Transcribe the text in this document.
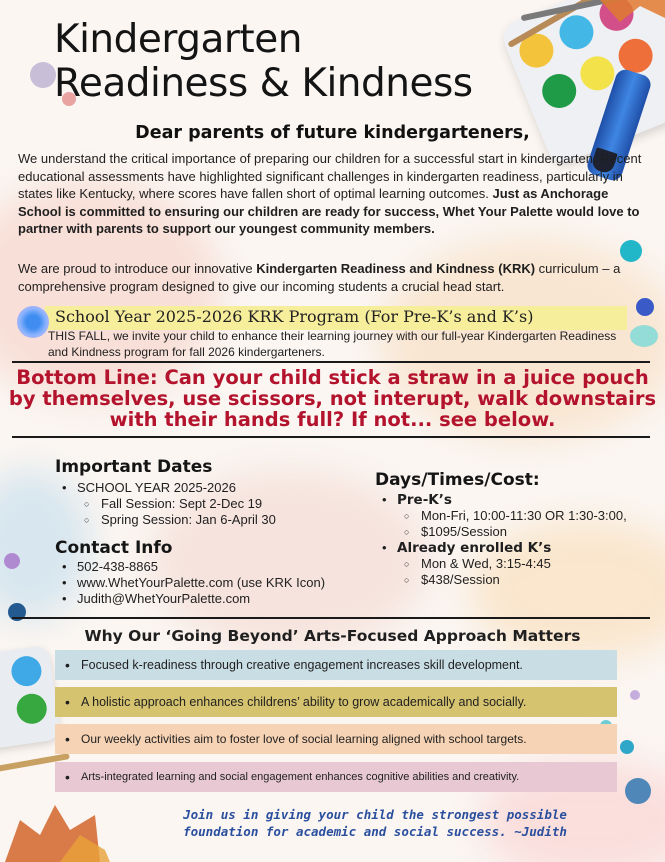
Kindergarten
Readiness & Kindness
Dear parents of future kindergarteners,

We understand the critical importance of preparing our children for a successful start in kindergarten. Recent educational assessments have highlighted significant challenges in kindergarten readiness, particularly in states like Kentucky, where scores have fallen short of optimal learning outcomes. Just as Anchorage School is committed to ensuring our children are ready for success, Whet Your Palette would love to partner with parents to support our youngest community members.

We are proud to introduce our innovative Kindergarten Readiness and Kindness (KRK) curriculum – a comprehensive program designed to give our incoming students a crucial head start.

School Year 2025-2026 KRK Program (For Pre-K’s and K’s)

THIS FALL, we invite your child to enhance their learning journey with our full-year Kindergarten Readiness and Kindness program for fall 2026 kindergarteners.

Bottom Line: Can your child stick a straw in a juice pouch by themselves, use scissors, not interupt, walk downstairs with their hands full? If not... see below.
Important Dates
• SCHOOL YEAR 2025-2026
○ Fall Session: Sept 2-Dec 19
○ Spring Session: Jan 6-April 30
Contact Info
• 502-438-8865
• www.WhetYourPalette.com (use KRK Icon)
• Judith@WhetYourPalette.com
Days/Times/Cost:
• Pre-K’s
○ Mon-Fri, 10:00-11:30 OR 1:30-3:00,
○ $1095/Session
• Already enrolled K’s
○ Mon & Wed, 3:15-4:45
○ $438/Session
Why Our ‘Going Beyond’ Arts-Focused Approach Matters
• Focused k-readiness through creative engagement increases skill development.
• A holistic approach enhances childrens’ ability to grow academically and socially.
• Our weekly activities aim to foster love of social learning aligned with school targets.
• Arts-integrated learning and social engagement enhances cognitive abilities and creativity.
Join us in giving your child the strongest possible
foundation for academic and social success. ~Judith
